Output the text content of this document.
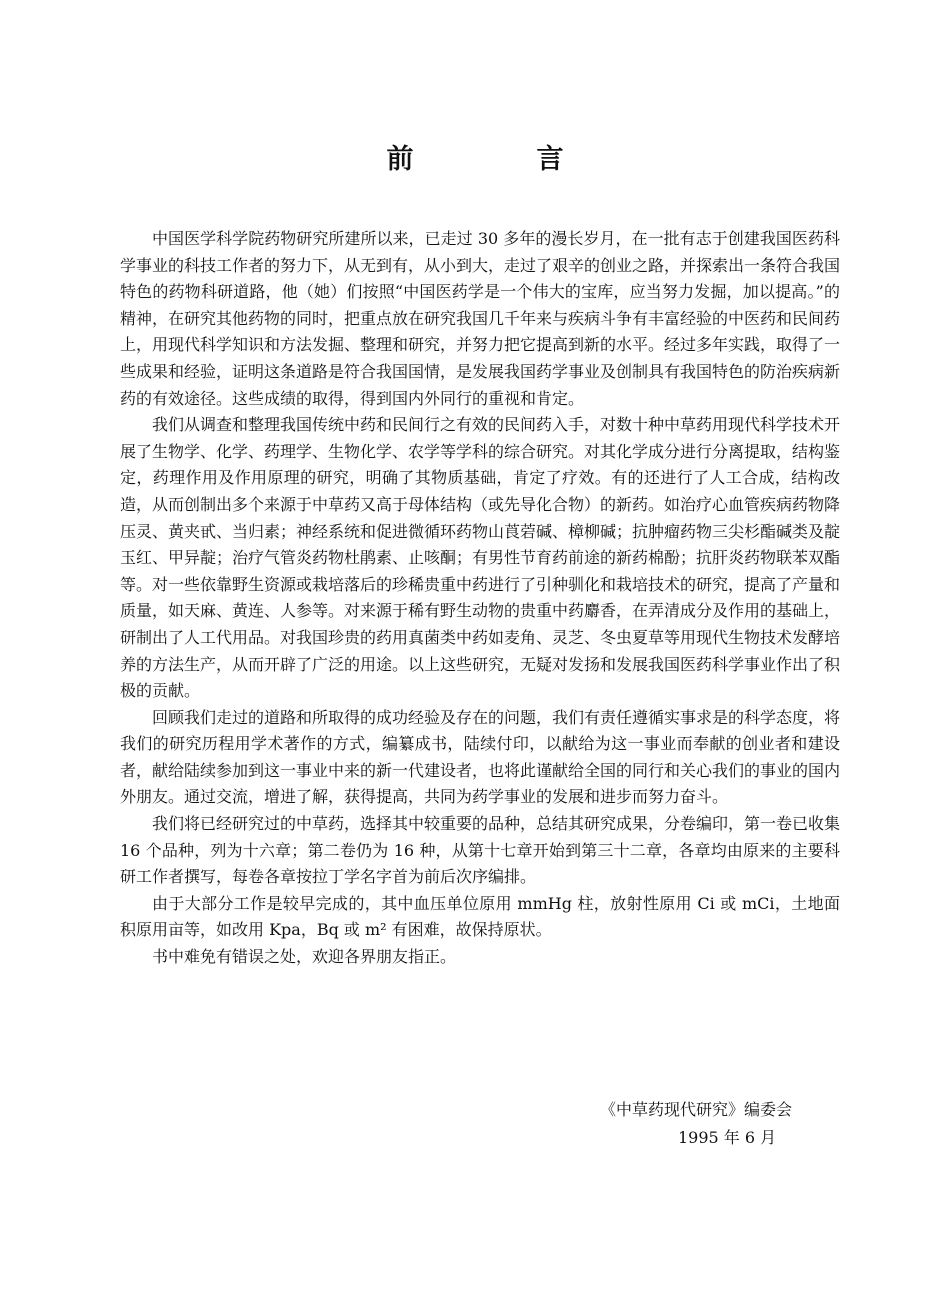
前　言

中国医学科学院药物研究所建所以来，已走过 30 多年的漫长岁月，在一批有志于创建我国医药科学事业的科技工作者的努力下，从无到有，从小到大，走过了艰辛的创业之路，并探索出一条符合我国特色的药物科研道路，他（她）们按照“中国医药学是一个伟大的宝库，应当努力发掘，加以提高。”的精神，在研究其他药物的同时，把重点放在研究我国几千年来与疾病斗争有丰富经验的中医药和民间药上，用现代科学知识和方法发掘、整理和研究，并努力把它提高到新的水平。经过多年实践，取得了一些成果和经验，证明这条道路是符合我国国情，是发展我国药学事业及创制具有我国特色的防治疾病新药的有效途径。这些成绩的取得，得到国内外同行的重视和肯定。

我们从调查和整理我国传统中药和民间行之有效的民间药入手，对数十种中草药用现代科学技术开展了生物学、化学、药理学、生物化学、农学等学科的综合研究。对其化学成分进行分离提取，结构鉴定，药理作用及作用原理的研究，明确了其物质基础，肯定了疗效。有的还进行了人工合成，结构改造，从而创制出多个来源于中草药又高于母体结构（或先导化合物）的新药。如治疗心血管疾病药物降压灵、黄夹甙、当归素；神经系统和促进微循环药物山莨菪碱、樟柳碱；抗肿瘤药物三尖杉酯碱类及靛玉红、甲异靛；治疗气管炎药物杜鹃素、止咳酮；有男性节育药前途的新药棉酚；抗肝炎药物联苯双酯等。对一些依靠野生资源或栽培落后的珍稀贵重中药进行了引种驯化和栽培技术的研究，提高了产量和质量，如天麻、黄连、人参等。对来源于稀有野生动物的贵重中药麝香，在弄清成分及作用的基础上，研制出了人工代用品。对我国珍贵的药用真菌类中药如麦角、灵芝、冬虫夏草等用现代生物技术发酵培养的方法生产，从而开辟了广泛的用途。以上这些研究，无疑对发扬和发展我国医药科学事业作出了积极的贡献。

回顾我们走过的道路和所取得的成功经验及存在的问题，我们有责任遵循实事求是的科学态度，将我们的研究历程用学术著作的方式，编纂成书，陆续付印，以献给为这一事业而奉献的创业者和建设者，献给陆续参加到这一事业中来的新一代建设者，也将此谨献给全国的同行和关心我们的事业的国内外朋友。通过交流，增进了解，获得提高，共同为药学事业的发展和进步而努力奋斗。

我们将已经研究过的中草药，选择其中较重要的品种，总结其研究成果，分卷编印，第一卷已收集 16 个品种，列为十六章；第二卷仍为 16 种，从第十七章开始到第三十二章，各章均由原来的主要科研工作者撰写，每卷各章按拉丁学名字首为前后次序编排。

由于大部分工作是较早完成的，其中血压单位原用 mmHg 柱，放射性原用 Ci 或 mCi，土地面积原用亩等，如改用 Kpa，Bq 或 m² 有困难，故保持原状。

书中难免有错误之处，欢迎各界朋友指正。

《中草药现代研究》编委会
1995 年 6 月
